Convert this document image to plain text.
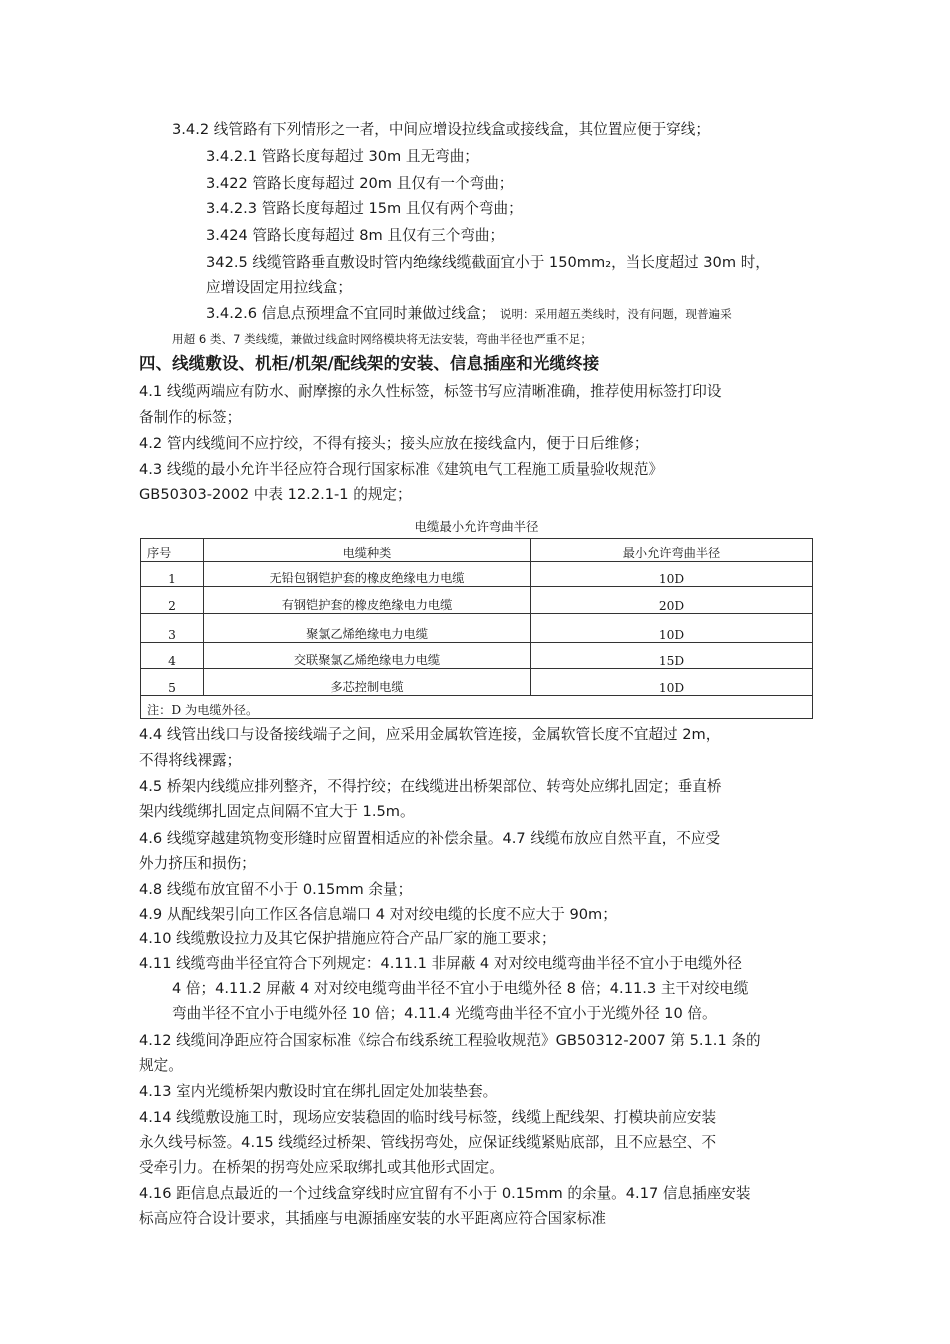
3.4.2 线管路有下列情形之一者，中间应增设拉线盒或接线盒，其位置应便于穿线；
3.4.2.1 管路长度每超过 30m 且无弯曲；
3.422 管路长度每超过 20m 且仅有一个弯曲；
3.4.2.3 管路长度每超过 15m 且仅有两个弯曲；
3.424 管路长度每超过 8m 且仅有三个弯曲；
342.5 线缆管路垂直敷设时管内绝缘线缆截面宜小于 150mm₂，当长度超过 30m 时，
应增设固定用拉线盒；
3.4.2.6 信息点预埋盒不宜同时兼做过线盒； 说明：采用超五类线时，没有问题，现普遍采
用超 6 类、7 类线缆，兼做过线盒时网络模块将无法安装，弯曲半径也严重不足；
四、线缆敷设、机柜/机架/配线架的安装、信息插座和光缆终接
4.1 线缆两端应有防水、耐摩擦的永久性标签，标签书写应清晰准确，推荐使用标签打印设
备制作的标签；
4.2 管内线缆间不应拧绞，不得有接头；接头应放在接线盒内，便于日后维修；
4.3 线缆的最小允许半径应符合现行国家标准《建筑电气工程施工质量验收规范》
GB50303-2002 中表 12.2.1-1 的规定；
电缆最小允许弯曲半径
序号	电缆种类	最小允许弯曲半径
1	无铅包钢铠护套的橡皮绝缘电力电缆	10D
2	有钢铠护套的橡皮绝缘电力电缆	20D
3	聚氯乙烯绝缘电力电缆	10D
4	交联聚氯乙烯绝缘电力电缆	15D
5	多芯控制电缆	10D
注：D 为电缆外径。		
4.4 线管出线口与设备接线端子之间，应采用金属软管连接，金属软管长度不宜超过 2m，
不得将线裸露；
4.5 桥架内线缆应排列整齐，不得拧绞；在线缆进出桥架部位、转弯处应绑扎固定；垂直桥
架内线缆绑扎固定点间隔不宜大于 1.5m。
4.6 线缆穿越建筑物变形缝时应留置相适应的补偿余量。4.7 线缆布放应自然平直，不应受
外力挤压和损伤；
4.8 线缆布放宜留不小于 0.15mm 余量；
4.9 从配线架引向工作区各信息端口 4 对对绞电缆的长度不应大于 90m；
4.10 线缆敷设拉力及其它保护措施应符合产品厂家的施工要求；
4.11 线缆弯曲半径宜符合下列规定：4.11.1 非屏蔽 4 对对绞电缆弯曲半径不宜小于电缆外径
4 倍；4.11.2 屏蔽 4 对对绞电缆弯曲半径不宜小于电缆外径 8 倍；4.11.3 主干对绞电缆
弯曲半径不宜小于电缆外径 10 倍；4.11.4 光缆弯曲半径不宜小于光缆外径 10 倍。
4.12 线缆间净距应符合国家标准《综合布线系统工程验收规范》GB50312-2007 第 5.1.1 条的
规定。
4.13 室内光缆桥架内敷设时宜在绑扎固定处加装垫套。
4.14 线缆敷设施工时，现场应安装稳固的临时线号标签，线缆上配线架、打模块前应安装
永久线号标签。4.15 线缆经过桥架、管线拐弯处，应保证线缆紧贴底部，且不应悬空、不
受牵引力。在桥架的拐弯处应采取绑扎或其他形式固定。
4.16 距信息点最近的一个过线盒穿线时应宜留有不小于 0.15mm 的余量。4.17 信息插座安装
标高应符合设计要求，其插座与电源插座安装的水平距离应符合国家标准
